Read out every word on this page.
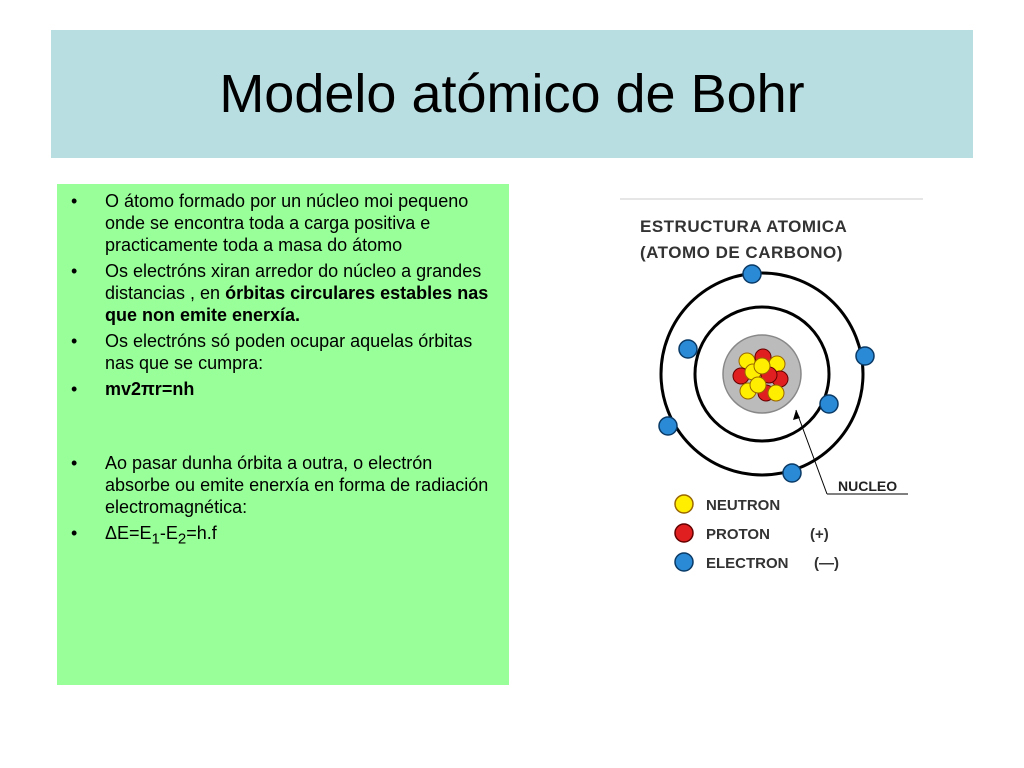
Modelo atómico de Bohr
• O átomo formado por un núcleo moi pequeno onde se encontra toda a carga positiva e practicamente toda a masa do átomo
• Os electróns xiran arredor do núcleo a grandes distancias , en órbitas circulares estables nas que non emite enerxía.
• Os electróns só poden ocupar aquelas órbitas nas que se cumpra:
• mv2πr=nh
• Ao pasar dunha órbita a outra, o electrón absorbe ou emite enerxía en forma de radiación electromagnética:
• $\Delta E=E_1-E_2=h.f$
ESTRUCTURA ATOMICA
(ATOMO DE CARBONO)
NUCLEO
NEUTRON
PROTON	(+)
ELECTRON (—)
